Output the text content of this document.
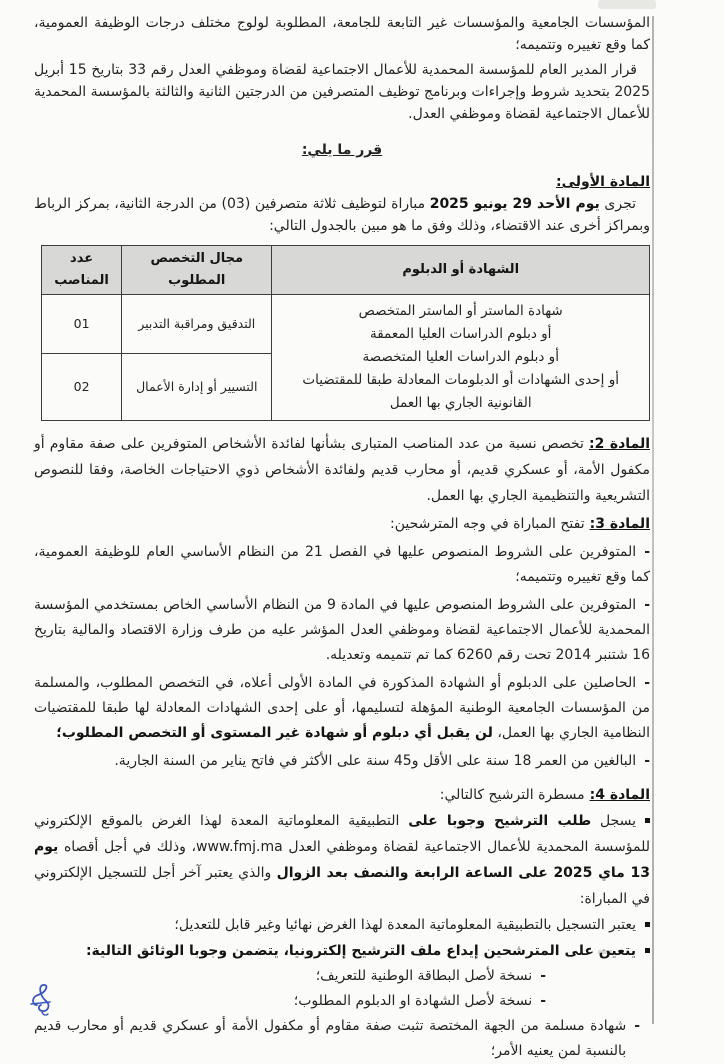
المؤسسات الجامعية والمؤسسات غير التابعة للجامعة، المطلوبة لولوج مختلف درجات الوظيفة العمومية، كما وقع تغييره وتتميمه؛

قرار المدير العام للمؤسسة المحمدية للأعمال الاجتماعية لقضاة وموظفي العدل رقم 33 بتاريخ 15 أبريل 2025 بتحديد شروط وإجراءات وبرنامج توظيف المتصرفين من الدرجتين الثانية والثالثة بالمؤسسة المحمدية للأعمال الاجتماعية لقضاة وموظفي العدل.

قرر ما يلي:

المادة الأولى:

تجرى يوم الأحد 29 يونيو 2025 مباراة لتوظيف ثلاثة متصرفين (03) من الدرجة الثانية، بمركز الرباط وبمراكز أخرى عند الاقتضاء، وذلك وفق ما هو مبين بالجدول التالي:

الشهادة أو الدبلوم	مجال التخصص المطلوب	عدد المناصب

شهادة الماستر أو الماستر المتخصص
أو دبلوم الدراسات العليا المعمقة
أو دبلوم الدراسات العليا المتخصصة
أو إحدى الشهادات أو الدبلومات المعادلة طبقا للمقتضيات
القانونية الجاري بها العمل	التدقيق ومراقبة التدبير	01
	التسيير أو إدارة الأعمال	02

المادة 2:تخصص نسبة من عدد المناصب المتبارى بشأنها لفائدة الأشخاص المتوفرين على صفة مقاوم أو مكفول الأمة، أو عسكري قديم، أو محارب قديم ولفائدة الأشخاص ذوي الاحتياجات الخاصة، وفقا للنصوص التشريعية والتنظيمية الجاري بها العمل.

المادة 3:تفتح المباراة في وجه المترشحين:

-المتوفرين على الشروط المنصوص عليها في الفصل 21 من النظام الأساسي العام للوظيفة العمومية، كما وقع تغييره وتتميمه؛

-المتوفرين على الشروط المنصوص عليها في المادة 9 من النظام الأساسي الخاص بمستخدمي المؤسسة المحمدية للأعمال الاجتماعية لقضاة وموظفي العدل المؤشر عليه من طرف وزارة الاقتصاد والمالية بتاريخ 16 شتنبر 2014 تحت رقم 6260 كما تم تتميمه وتعديله.

-الحاصلين على الدبلوم أو الشهادة المذكورة في المادة الأولى أعلاه، في التخصص المطلوب، والمسلمة من المؤسسات الجامعية الوطنية المؤهلة لتسليمها، أو على إحدى الشهادات المعادلة لها طبقا للمقتضيات النظامية الجاري بها العمل، لن يقبل أي دبلوم أو شهادة غير المستوى أو التخصص المطلوب؛

-البالغين من العمر 18 سنة على الأقل و45 سنة على الأكثر في فاتح يناير من السنة الجارية.

المادة 4:مسطرة الترشيح كالتالي:

يسجل طلب الترشيح وجوبا على التطبيقية المعلوماتية المعدة لهذا الغرض بالموقع الإلكتروني للمؤسسة المحمدية للأعمال الاجتماعية لقضاة وموظفي العدل www.fmj.ma، وذلك في أجل أقصاه يوم 13 ماي 2025 على الساعة الرابعة والنصف بعد الزوال والذي يعتبر آخر أجل للتسجيل الإلكتروني في المباراة:

يعتبر التسجيل بالتطبيقية المعلوماتية المعدة لهذا الغرض نهائيا وغير قابل للتعديل؛

يتعين على المترشحين إيداع ملف الترشيح إلكترونيا، يتضمن وجوبا الوثائق التالية:

-نسخة لأصل البطاقة الوطنية للتعريف؛

-نسخة لأصل الشهادة او الدبلوم المطلوب؛

-
شهادة مسلمة من الجهة المختصة تثبت صفة مقاوم أو مكفول الأمة أو عسكري قديم أو محارب قديم بالنسبة لمن يعنيه الأمر؛
